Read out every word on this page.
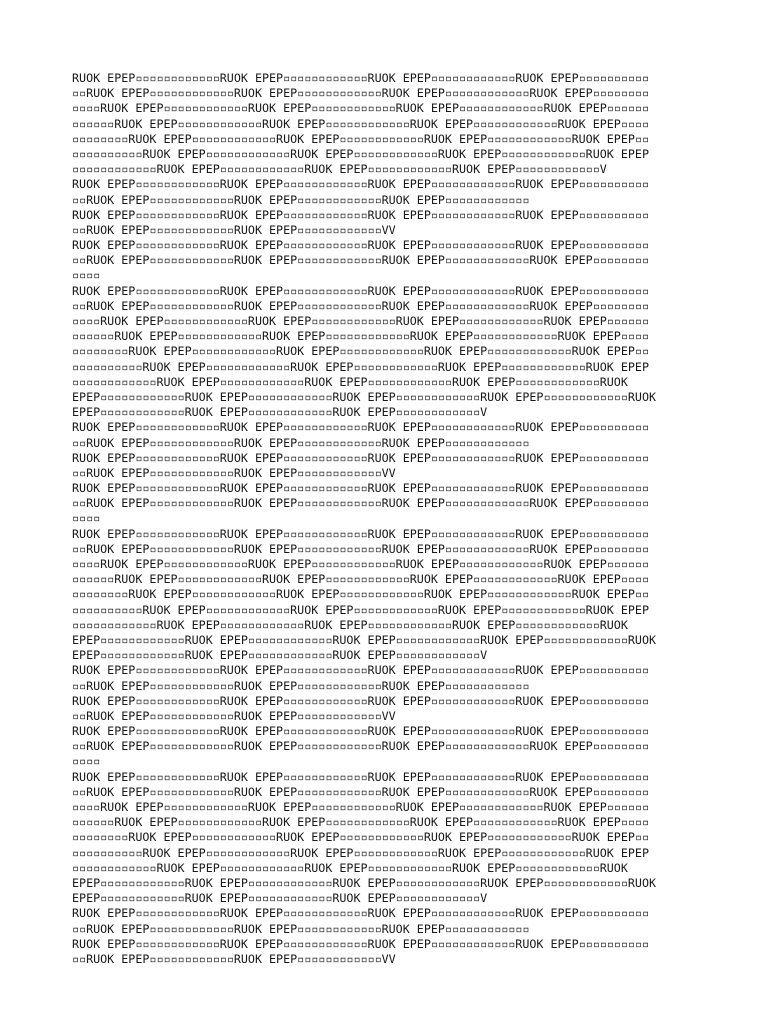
RUOK EPEP▫▫▫▫▫▫▫▫▫▫▫▫RUOK EPEP▫▫▫▫▫▫▫▫▫▫▫▫RUOK EPEP▫▫▫▫▫▫▫▫▫▫▫▫RUOK EPEP▫▫▫▫▫▫▫▫▫▫
▫▫RUOK EPEP▫▫▫▫▫▫▫▫▫▫▫▫RUOK EPEP▫▫▫▫▫▫▫▫▫▫▫▫RUOK EPEP▫▫▫▫▫▫▫▫▫▫▫▫RUOK EPEP▫▫▫▫▫▫▫▫
▫▫▫▫RUOK EPEP▫▫▫▫▫▫▫▫▫▫▫▫RUOK EPEP▫▫▫▫▫▫▫▫▫▫▫▫RUOK EPEP▫▫▫▫▫▫▫▫▫▫▫▫RUOK EPEP▫▫▫▫▫▫
▫▫▫▫▫▫RUOK EPEP▫▫▫▫▫▫▫▫▫▫▫▫RUOK EPEP▫▫▫▫▫▫▫▫▫▫▫▫RUOK EPEP▫▫▫▫▫▫▫▫▫▫▫▫RUOK EPEP▫▫▫▫
▫▫▫▫▫▫▫▫RUOK EPEP▫▫▫▫▫▫▫▫▫▫▫▫RUOK EPEP▫▫▫▫▫▫▫▫▫▫▫▫RUOK EPEP▫▫▫▫▫▫▫▫▫▫▫▫RUOK EPEP▫▫
▫▫▫▫▫▫▫▫▫▫RUOK EPEP▫▫▫▫▫▫▫▫▫▫▫▫RUOK EPEP▫▫▫▫▫▫▫▫▫▫▫▫RUOK EPEP▫▫▫▫▫▫▫▫▫▫▫▫RUOK EPEP
▫▫▫▫▫▫▫▫▫▫▫▫RUOK EPEP▫▫▫▫▫▫▫▫▫▫▫▫RUOK EPEP▫▫▫▫▫▫▫▫▫▫▫▫RUOK EPEP▫▫▫▫▫▫▫▫▫▫▫▫V
RUOK EPEP▫▫▫▫▫▫▫▫▫▫▫▫RUOK EPEP▫▫▫▫▫▫▫▫▫▫▫▫RUOK EPEP▫▫▫▫▫▫▫▫▫▫▫▫RUOK EPEP▫▫▫▫▫▫▫▫▫▫
▫▫RUOK EPEP▫▫▫▫▫▫▫▫▫▫▫▫RUOK EPEP▫▫▫▫▫▫▫▫▫▫▫▫RUOK EPEP▫▫▫▫▫▫▫▫▫▫▫▫
RUOK EPEP▫▫▫▫▫▫▫▫▫▫▫▫RUOK EPEP▫▫▫▫▫▫▫▫▫▫▫▫RUOK EPEP▫▫▫▫▫▫▫▫▫▫▫▫RUOK EPEP▫▫▫▫▫▫▫▫▫▫
▫▫RUOK EPEP▫▫▫▫▫▫▫▫▫▫▫▫RUOK EPEP▫▫▫▫▫▫▫▫▫▫▫▫VV
RUOK EPEP▫▫▫▫▫▫▫▫▫▫▫▫RUOK EPEP▫▫▫▫▫▫▫▫▫▫▫▫RUOK EPEP▫▫▫▫▫▫▫▫▫▫▫▫RUOK EPEP▫▫▫▫▫▫▫▫▫▫
▫▫RUOK EPEP▫▫▫▫▫▫▫▫▫▫▫▫RUOK EPEP▫▫▫▫▫▫▫▫▫▫▫▫RUOK EPEP▫▫▫▫▫▫▫▫▫▫▫▫RUOK EPEP▫▫▫▫▫▫▫▫
▫▫▫▫
RUOK EPEP▫▫▫▫▫▫▫▫▫▫▫▫RUOK EPEP▫▫▫▫▫▫▫▫▫▫▫▫RUOK EPEP▫▫▫▫▫▫▫▫▫▫▫▫RUOK EPEP▫▫▫▫▫▫▫▫▫▫
▫▫RUOK EPEP▫▫▫▫▫▫▫▫▫▫▫▫RUOK EPEP▫▫▫▫▫▫▫▫▫▫▫▫RUOK EPEP▫▫▫▫▫▫▫▫▫▫▫▫RUOK EPEP▫▫▫▫▫▫▫▫
▫▫▫▫RUOK EPEP▫▫▫▫▫▫▫▫▫▫▫▫RUOK EPEP▫▫▫▫▫▫▫▫▫▫▫▫RUOK EPEP▫▫▫▫▫▫▫▫▫▫▫▫RUOK EPEP▫▫▫▫▫▫
▫▫▫▫▫▫RUOK EPEP▫▫▫▫▫▫▫▫▫▫▫▫RUOK EPEP▫▫▫▫▫▫▫▫▫▫▫▫RUOK EPEP▫▫▫▫▫▫▫▫▫▫▫▫RUOK EPEP▫▫▫▫
▫▫▫▫▫▫▫▫RUOK EPEP▫▫▫▫▫▫▫▫▫▫▫▫RUOK EPEP▫▫▫▫▫▫▫▫▫▫▫▫RUOK EPEP▫▫▫▫▫▫▫▫▫▫▫▫RUOK EPEP▫▫
▫▫▫▫▫▫▫▫▫▫RUOK EPEP▫▫▫▫▫▫▫▫▫▫▫▫RUOK EPEP▫▫▫▫▫▫▫▫▫▫▫▫RUOK EPEP▫▫▫▫▫▫▫▫▫▫▫▫RUOK EPEP
▫▫▫▫▫▫▫▫▫▫▫▫RUOK EPEP▫▫▫▫▫▫▫▫▫▫▫▫RUOK EPEP▫▫▫▫▫▫▫▫▫▫▫▫RUOK EPEP▫▫▫▫▫▫▫▫▫▫▫▫RUOK
EPEP▫▫▫▫▫▫▫▫▫▫▫▫RUOK EPEP▫▫▫▫▫▫▫▫▫▫▫▫RUOK EPEP▫▫▫▫▫▫▫▫▫▫▫▫RUOK EPEP▫▫▫▫▫▫▫▫▫▫▫▫RUOK
EPEP▫▫▫▫▫▫▫▫▫▫▫▫RUOK EPEP▫▫▫▫▫▫▫▫▫▫▫▫RUOK EPEP▫▫▫▫▫▫▫▫▫▫▫▫V
RUOK EPEP▫▫▫▫▫▫▫▫▫▫▫▫RUOK EPEP▫▫▫▫▫▫▫▫▫▫▫▫RUOK EPEP▫▫▫▫▫▫▫▫▫▫▫▫RUOK EPEP▫▫▫▫▫▫▫▫▫▫
▫▫RUOK EPEP▫▫▫▫▫▫▫▫▫▫▫▫RUOK EPEP▫▫▫▫▫▫▫▫▫▫▫▫RUOK EPEP▫▫▫▫▫▫▫▫▫▫▫▫
RUOK EPEP▫▫▫▫▫▫▫▫▫▫▫▫RUOK EPEP▫▫▫▫▫▫▫▫▫▫▫▫RUOK EPEP▫▫▫▫▫▫▫▫▫▫▫▫RUOK EPEP▫▫▫▫▫▫▫▫▫▫
▫▫RUOK EPEP▫▫▫▫▫▫▫▫▫▫▫▫RUOK EPEP▫▫▫▫▫▫▫▫▫▫▫▫VV
RUOK EPEP▫▫▫▫▫▫▫▫▫▫▫▫RUOK EPEP▫▫▫▫▫▫▫▫▫▫▫▫RUOK EPEP▫▫▫▫▫▫▫▫▫▫▫▫RUOK EPEP▫▫▫▫▫▫▫▫▫▫
▫▫RUOK EPEP▫▫▫▫▫▫▫▫▫▫▫▫RUOK EPEP▫▫▫▫▫▫▫▫▫▫▫▫RUOK EPEP▫▫▫▫▫▫▫▫▫▫▫▫RUOK EPEP▫▫▫▫▫▫▫▫
▫▫▫▫
RUOK EPEP▫▫▫▫▫▫▫▫▫▫▫▫RUOK EPEP▫▫▫▫▫▫▫▫▫▫▫▫RUOK EPEP▫▫▫▫▫▫▫▫▫▫▫▫RUOK EPEP▫▫▫▫▫▫▫▫▫▫
▫▫RUOK EPEP▫▫▫▫▫▫▫▫▫▫▫▫RUOK EPEP▫▫▫▫▫▫▫▫▫▫▫▫RUOK EPEP▫▫▫▫▫▫▫▫▫▫▫▫RUOK EPEP▫▫▫▫▫▫▫▫
▫▫▫▫RUOK EPEP▫▫▫▫▫▫▫▫▫▫▫▫RUOK EPEP▫▫▫▫▫▫▫▫▫▫▫▫RUOK EPEP▫▫▫▫▫▫▫▫▫▫▫▫RUOK EPEP▫▫▫▫▫▫
▫▫▫▫▫▫RUOK EPEP▫▫▫▫▫▫▫▫▫▫▫▫RUOK EPEP▫▫▫▫▫▫▫▫▫▫▫▫RUOK EPEP▫▫▫▫▫▫▫▫▫▫▫▫RUOK EPEP▫▫▫▫
▫▫▫▫▫▫▫▫RUOK EPEP▫▫▫▫▫▫▫▫▫▫▫▫RUOK EPEP▫▫▫▫▫▫▫▫▫▫▫▫RUOK EPEP▫▫▫▫▫▫▫▫▫▫▫▫RUOK EPEP▫▫
▫▫▫▫▫▫▫▫▫▫RUOK EPEP▫▫▫▫▫▫▫▫▫▫▫▫RUOK EPEP▫▫▫▫▫▫▫▫▫▫▫▫RUOK EPEP▫▫▫▫▫▫▫▫▫▫▫▫RUOK EPEP
▫▫▫▫▫▫▫▫▫▫▫▫RUOK EPEP▫▫▫▫▫▫▫▫▫▫▫▫RUOK EPEP▫▫▫▫▫▫▫▫▫▫▫▫RUOK EPEP▫▫▫▫▫▫▫▫▫▫▫▫RUOK
EPEP▫▫▫▫▫▫▫▫▫▫▫▫RUOK EPEP▫▫▫▫▫▫▫▫▫▫▫▫RUOK EPEP▫▫▫▫▫▫▫▫▫▫▫▫RUOK EPEP▫▫▫▫▫▫▫▫▫▫▫▫RUOK
EPEP▫▫▫▫▫▫▫▫▫▫▫▫RUOK EPEP▫▫▫▫▫▫▫▫▫▫▫▫RUOK EPEP▫▫▫▫▫▫▫▫▫▫▫▫V
RUOK EPEP▫▫▫▫▫▫▫▫▫▫▫▫RUOK EPEP▫▫▫▫▫▫▫▫▫▫▫▫RUOK EPEP▫▫▫▫▫▫▫▫▫▫▫▫RUOK EPEP▫▫▫▫▫▫▫▫▫▫
▫▫RUOK EPEP▫▫▫▫▫▫▫▫▫▫▫▫RUOK EPEP▫▫▫▫▫▫▫▫▫▫▫▫RUOK EPEP▫▫▫▫▫▫▫▫▫▫▫▫
RUOK EPEP▫▫▫▫▫▫▫▫▫▫▫▫RUOK EPEP▫▫▫▫▫▫▫▫▫▫▫▫RUOK EPEP▫▫▫▫▫▫▫▫▫▫▫▫RUOK EPEP▫▫▫▫▫▫▫▫▫▫
▫▫RUOK EPEP▫▫▫▫▫▫▫▫▫▫▫▫RUOK EPEP▫▫▫▫▫▫▫▫▫▫▫▫VV
RUOK EPEP▫▫▫▫▫▫▫▫▫▫▫▫RUOK EPEP▫▫▫▫▫▫▫▫▫▫▫▫RUOK EPEP▫▫▫▫▫▫▫▫▫▫▫▫RUOK EPEP▫▫▫▫▫▫▫▫▫▫
▫▫RUOK EPEP▫▫▫▫▫▫▫▫▫▫▫▫RUOK EPEP▫▫▫▫▫▫▫▫▫▫▫▫RUOK EPEP▫▫▫▫▫▫▫▫▫▫▫▫RUOK EPEP▫▫▫▫▫▫▫▫
▫▫▫▫
RUOK EPEP▫▫▫▫▫▫▫▫▫▫▫▫RUOK EPEP▫▫▫▫▫▫▫▫▫▫▫▫RUOK EPEP▫▫▫▫▫▫▫▫▫▫▫▫RUOK EPEP▫▫▫▫▫▫▫▫▫▫
▫▫RUOK EPEP▫▫▫▫▫▫▫▫▫▫▫▫RUOK EPEP▫▫▫▫▫▫▫▫▫▫▫▫RUOK EPEP▫▫▫▫▫▫▫▫▫▫▫▫RUOK EPEP▫▫▫▫▫▫▫▫
▫▫▫▫RUOK EPEP▫▫▫▫▫▫▫▫▫▫▫▫RUOK EPEP▫▫▫▫▫▫▫▫▫▫▫▫RUOK EPEP▫▫▫▫▫▫▫▫▫▫▫▫RUOK EPEP▫▫▫▫▫▫
▫▫▫▫▫▫RUOK EPEP▫▫▫▫▫▫▫▫▫▫▫▫RUOK EPEP▫▫▫▫▫▫▫▫▫▫▫▫RUOK EPEP▫▫▫▫▫▫▫▫▫▫▫▫RUOK EPEP▫▫▫▫
▫▫▫▫▫▫▫▫RUOK EPEP▫▫▫▫▫▫▫▫▫▫▫▫RUOK EPEP▫▫▫▫▫▫▫▫▫▫▫▫RUOK EPEP▫▫▫▫▫▫▫▫▫▫▫▫RUOK EPEP▫▫
▫▫▫▫▫▫▫▫▫▫RUOK EPEP▫▫▫▫▫▫▫▫▫▫▫▫RUOK EPEP▫▫▫▫▫▫▫▫▫▫▫▫RUOK EPEP▫▫▫▫▫▫▫▫▫▫▫▫RUOK EPEP
▫▫▫▫▫▫▫▫▫▫▫▫RUOK EPEP▫▫▫▫▫▫▫▫▫▫▫▫RUOK EPEP▫▫▫▫▫▫▫▫▫▫▫▫RUOK EPEP▫▫▫▫▫▫▫▫▫▫▫▫RUOK
EPEP▫▫▫▫▫▫▫▫▫▫▫▫RUOK EPEP▫▫▫▫▫▫▫▫▫▫▫▫RUOK EPEP▫▫▫▫▫▫▫▫▫▫▫▫RUOK EPEP▫▫▫▫▫▫▫▫▫▫▫▫RUOK
EPEP▫▫▫▫▫▫▫▫▫▫▫▫RUOK EPEP▫▫▫▫▫▫▫▫▫▫▫▫RUOK EPEP▫▫▫▫▫▫▫▫▫▫▫▫V
RUOK EPEP▫▫▫▫▫▫▫▫▫▫▫▫RUOK EPEP▫▫▫▫▫▫▫▫▫▫▫▫RUOK EPEP▫▫▫▫▫▫▫▫▫▫▫▫RUOK EPEP▫▫▫▫▫▫▫▫▫▫
▫▫RUOK EPEP▫▫▫▫▫▫▫▫▫▫▫▫RUOK EPEP▫▫▫▫▫▫▫▫▫▫▫▫RUOK EPEP▫▫▫▫▫▫▫▫▫▫▫▫
RUOK EPEP▫▫▫▫▫▫▫▫▫▫▫▫RUOK EPEP▫▫▫▫▫▫▫▫▫▫▫▫RUOK EPEP▫▫▫▫▫▫▫▫▫▫▫▫RUOK EPEP▫▫▫▫▫▫▫▫▫▫
▫▫RUOK EPEP▫▫▫▫▫▫▫▫▫▫▫▫RUOK EPEP▫▫▫▫▫▫▫▫▫▫▫▫VV
